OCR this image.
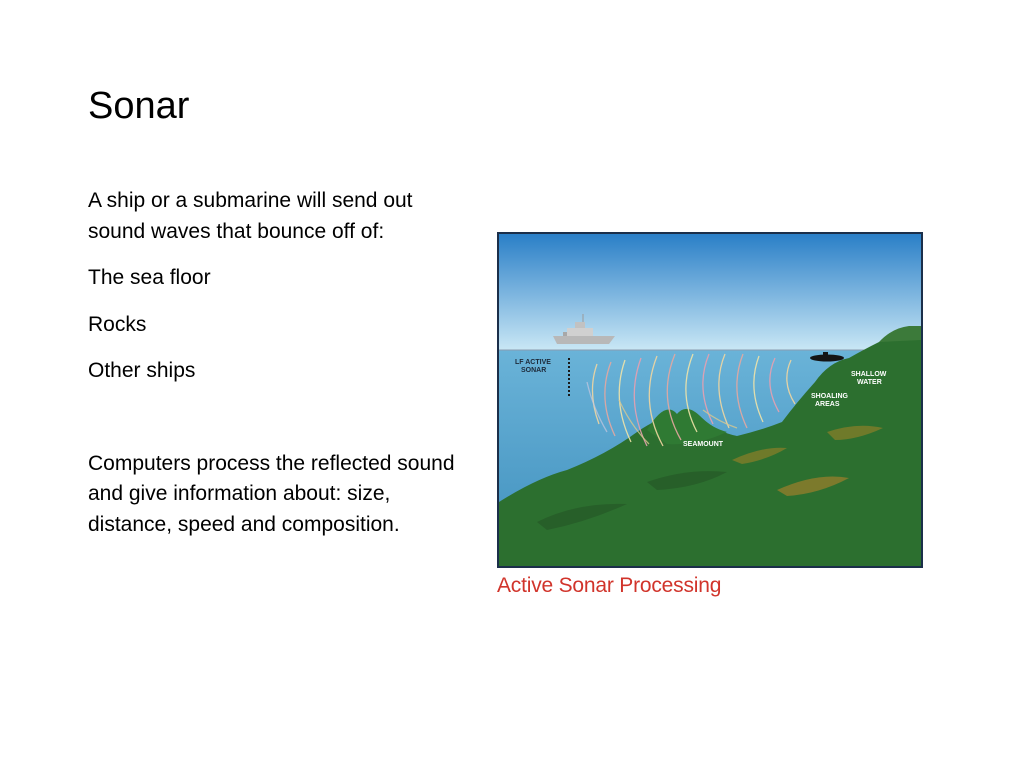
Sonar

A ship or a submarine will send out sound waves that bounce off of:

The sea floor

Rocks

Other ships

Computers process the reflected sound and give information about: size, distance, speed and composition.

LF ACTIVE
SONAR
SEAMOUNT
SHALLOW
WATER
SHOALING
AREAS
Active Sonar Processing
